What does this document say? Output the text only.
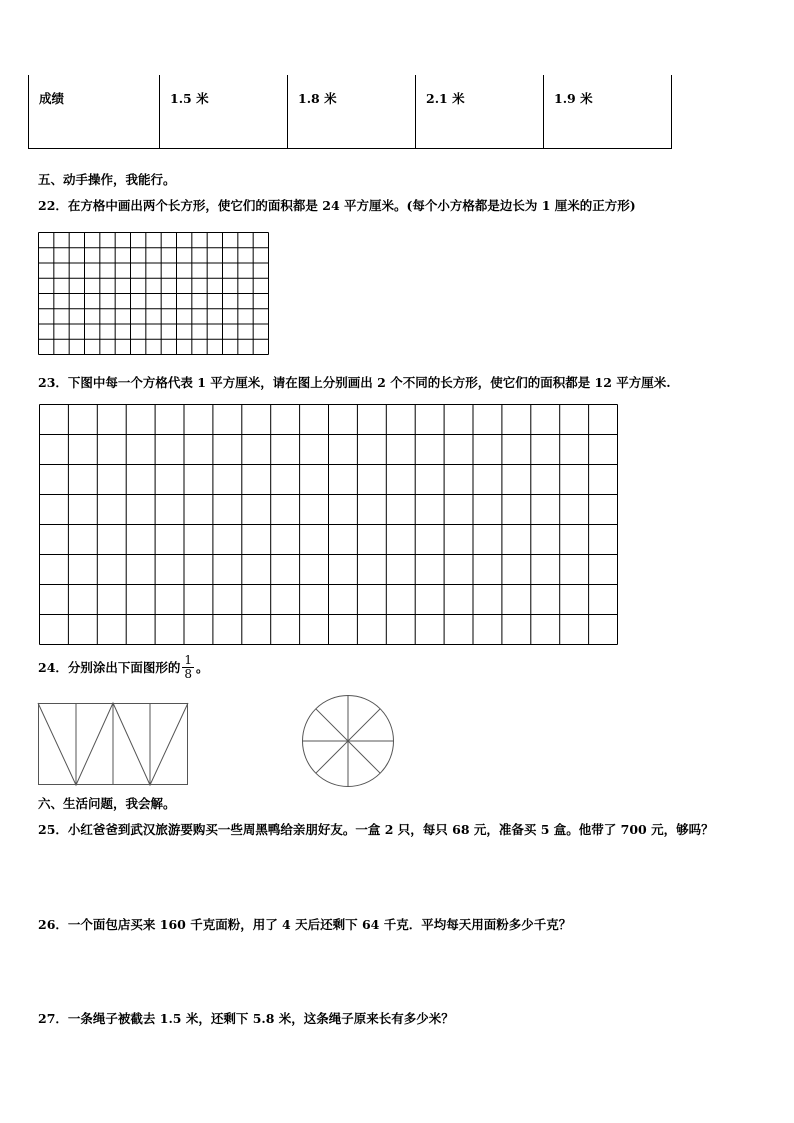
成绩	1.5 米	1.8 米	2.1 米	1.9 米
五、动手操作，我能行。
22．在方格中画出两个长方形，使它们的面积都是 24 平方厘米。(每个小方格都是边长为 1 厘米的正方形)
23．下图中每一个方格代表 1 平方厘米，请在图上分别画出 2 个不同的长方形，使它们的面积都是 12 平方厘米.
24．分别涂出下面图形的 $\frac{1}{8}$ 。
六、生活问题，我会解。
25．小红爸爸到武汉旅游要购买一些周黑鸭给亲朋好友。一盒 2 只，每只 68 元，准备买 5 盒。他带了 700 元，够吗？
26．一个面包店买来 160 千克面粉，用了 4 天后还剩下 64 千克．平均每天用面粉多少千克？
27．一条绳子被截去 1.5 米，还剩下 5.8 米，这条绳子原来长有多少米？
